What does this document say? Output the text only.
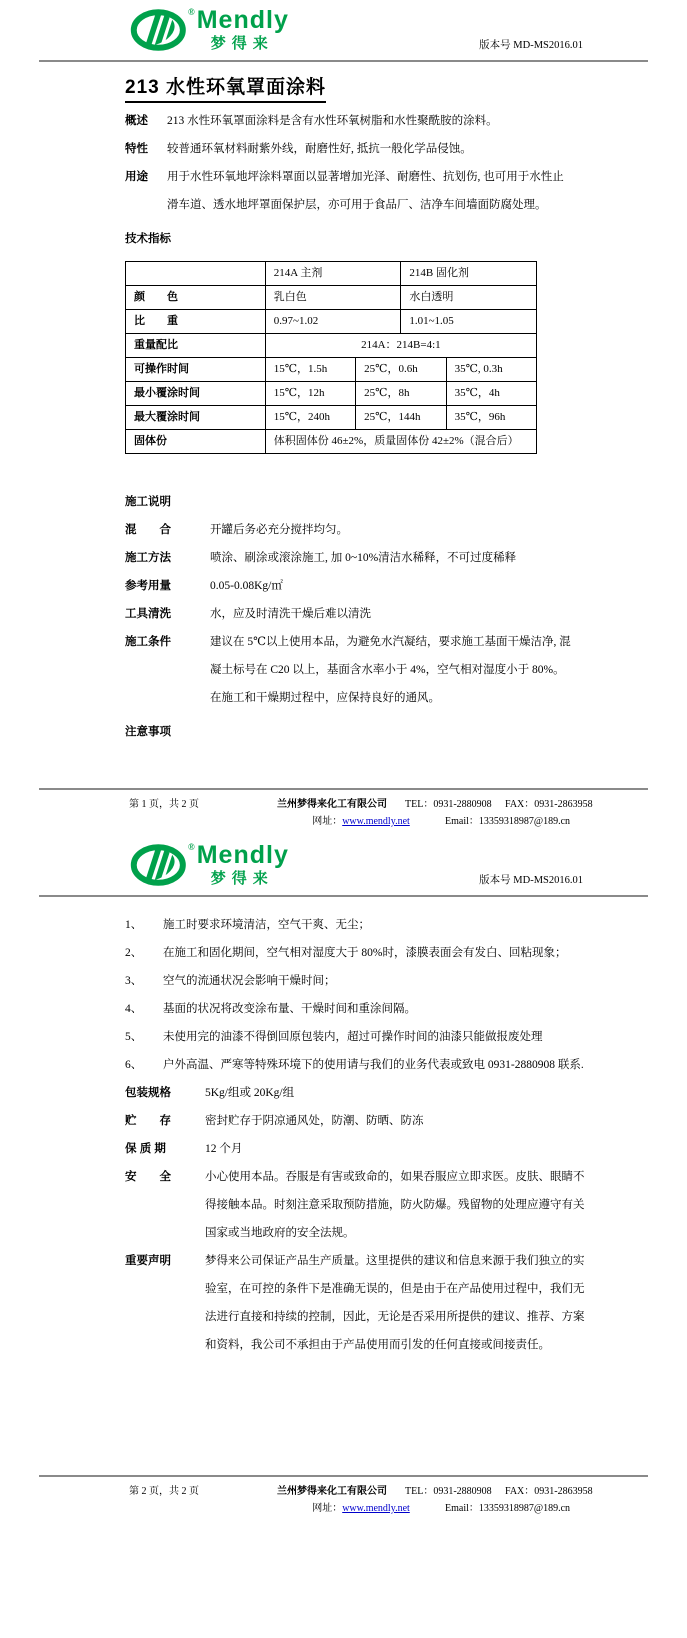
® Mendly
梦得来	版本号 MD-MS2016.01
213 水性环氧罩面涂料
概述	213 水性环氧罩面涂料是含有水性环氧树脂和水性聚酰胺的涂料。
特性	较普通环氧材料耐紫外线，耐磨性好, 抵抗一般化学品侵蚀。
用途	用于水性环氧地坪涂料罩面以显著增加光泽、耐磨性、抗划伤, 也可用于水性止滑车道、透水地坪罩面保护层，亦可用于食品厂、洁净车间墙面防腐处理。
技术指标
	214A 主剂		214B 固化剂	
颜　　色	乳白色		水白透明	
比　　重	0.97~1.02		1.01~1.05	
重量配比	214A：214B=4:1			
可操作时间	15℃，1.5h	25℃，0.6h		35℃, 0.3h
最小覆涂时间	15℃，12h	25℃，8h		35℃，4h
最大覆涂时间	15℃，240h	25℃，144h		35℃，96h
固体份	体积固体份 46±2%，质量固体份 42±2%（混合后）			
施工说明
混　　合	开罐后务必充分搅拌均匀。
施工方法	喷涂、刷涂或滚涂施工, 加 0~10%清洁水稀释，不可过度稀释
参考用量	0.05-0.08Kg/㎡
工具清洗	水，应及时清洗干燥后难以清洗
施工条件	建议在 5℃以上使用本品，为避免水汽凝结，要求施工基面干燥洁净, 混凝土标号在 C20 以上，基面含水率小于 4%，空气相对湿度小于 80%。在施工和干燥期过程中，应保持良好的通风。
注意事项
第 1 页，共 2 页	兰州梦得来化工有限公司	TEL：0931-2880908	FAX：0931-2863958
网址：www.mendly.net	Email：13359318987@189.cn
® Mendly
梦得来	版本号 MD-MS2016.01
1、	施工时要求环境清洁，空气干爽、无尘；
2、	在施工和固化期间，空气相对湿度大于 80%时，漆膜表面会有发白、回粘现象；
3、	空气的流通状况会影响干燥时间；
4、	基面的状况将改变涂布量、干燥时间和重涂间隔。
5、	未使用完的油漆不得倒回原包装内，超过可操作时间的油漆只能做报废处理
6、	户外高温、严寒等特殊环境下的使用请与我们的业务代表或致电 0931-2880908 联系.
包装规格	5Kg/组或 20Kg/组
贮　　存	密封贮存于阴凉通风处，防潮、防晒、防冻
保 质 期	12 个月
安　　全	小心使用本品。吞服是有害或致命的，如果吞服应立即求医。皮肤、眼睛不得接触本品。时刻注意采取预防措施，防火防爆。残留物的处理应遵守有关国家或当地政府的安全法规。
重要声明	梦得来公司保证产品生产质量。这里提供的建议和信息来源于我们独立的实验室，在可控的条件下是准确无误的，但是由于在产品使用过程中，我们无法进行直接和持续的控制，因此，无论是否采用所提供的建议、推荐、方案和资料，我公司不承担由于产品使用而引发的任何直接或间接责任。
第 2 页，共 2 页	兰州梦得来化工有限公司	TEL：0931-2880908	FAX：0931-2863958
网址：www.mendly.net	Email：13359318987@189.cn
